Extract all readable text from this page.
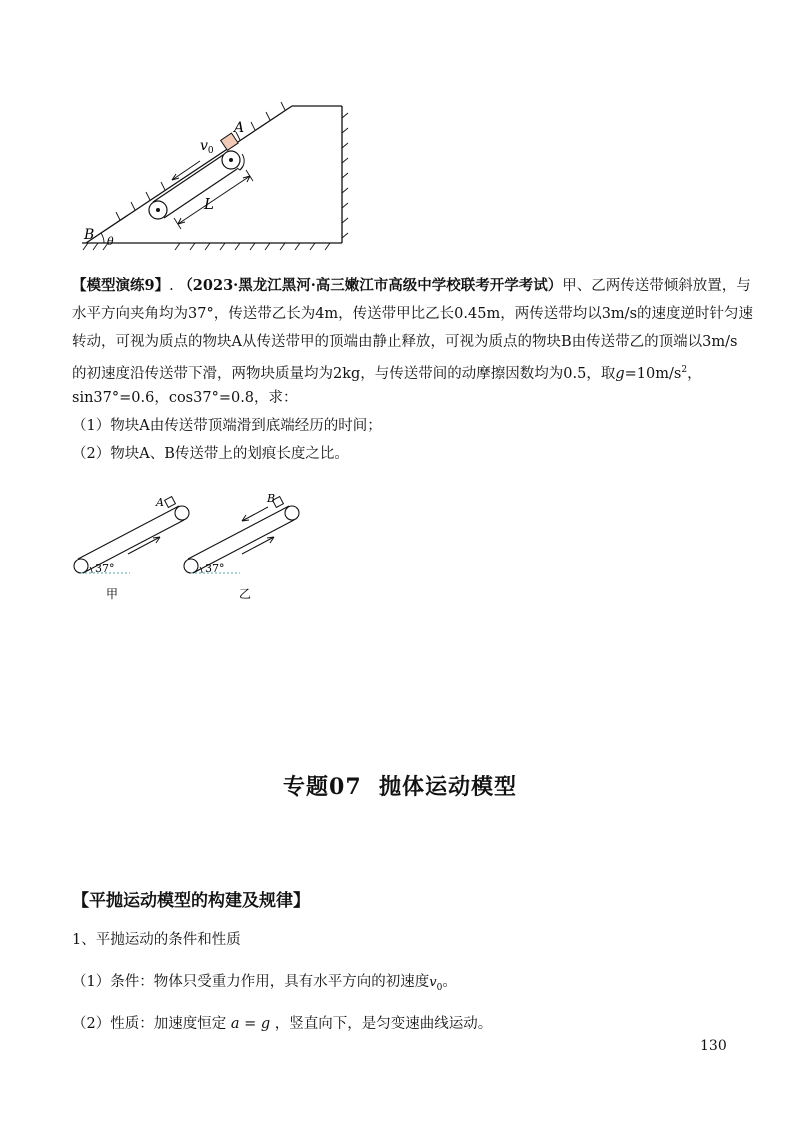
A
$v_0$
L
B θ
【模型演练9】. （2023·黑龙江黑河·高三嫩江市高级中学校联考开学考试）甲、乙两传送带倾斜放置，与
水平方向夹角均为37°，传送带乙长为4m，传送带甲比乙长0.45m，两传送带均以3m/s的速度逆时针匀速
转动，可视为质点的物块A从传送带甲的顶端由静止释放，可视为质点的物块B由传送带乙的顶端以3m/s
的初速度沿传送带下滑，两物块质量均为2kg，与传送带间的动摩擦因数均为0.5，取$g=10m/s^2$，
sin37°=0.6，cos37°=0.8，求：
（1）物块A由传送带顶端滑到底端经历的时间；
（2）物块A、B传送带上的划痕长度之比。
A
37°
甲
B
37°
乙
专题07  抛体运动模型
【平抛运动模型的构建及规律】
1、平抛运动的条件和性质
（1）条件：物体只受重力作用，具有水平方向的初速度$v_0$。
（2）性质：加速度恒定 a = g ，竖直向下，是匀变速曲线运动。
130
